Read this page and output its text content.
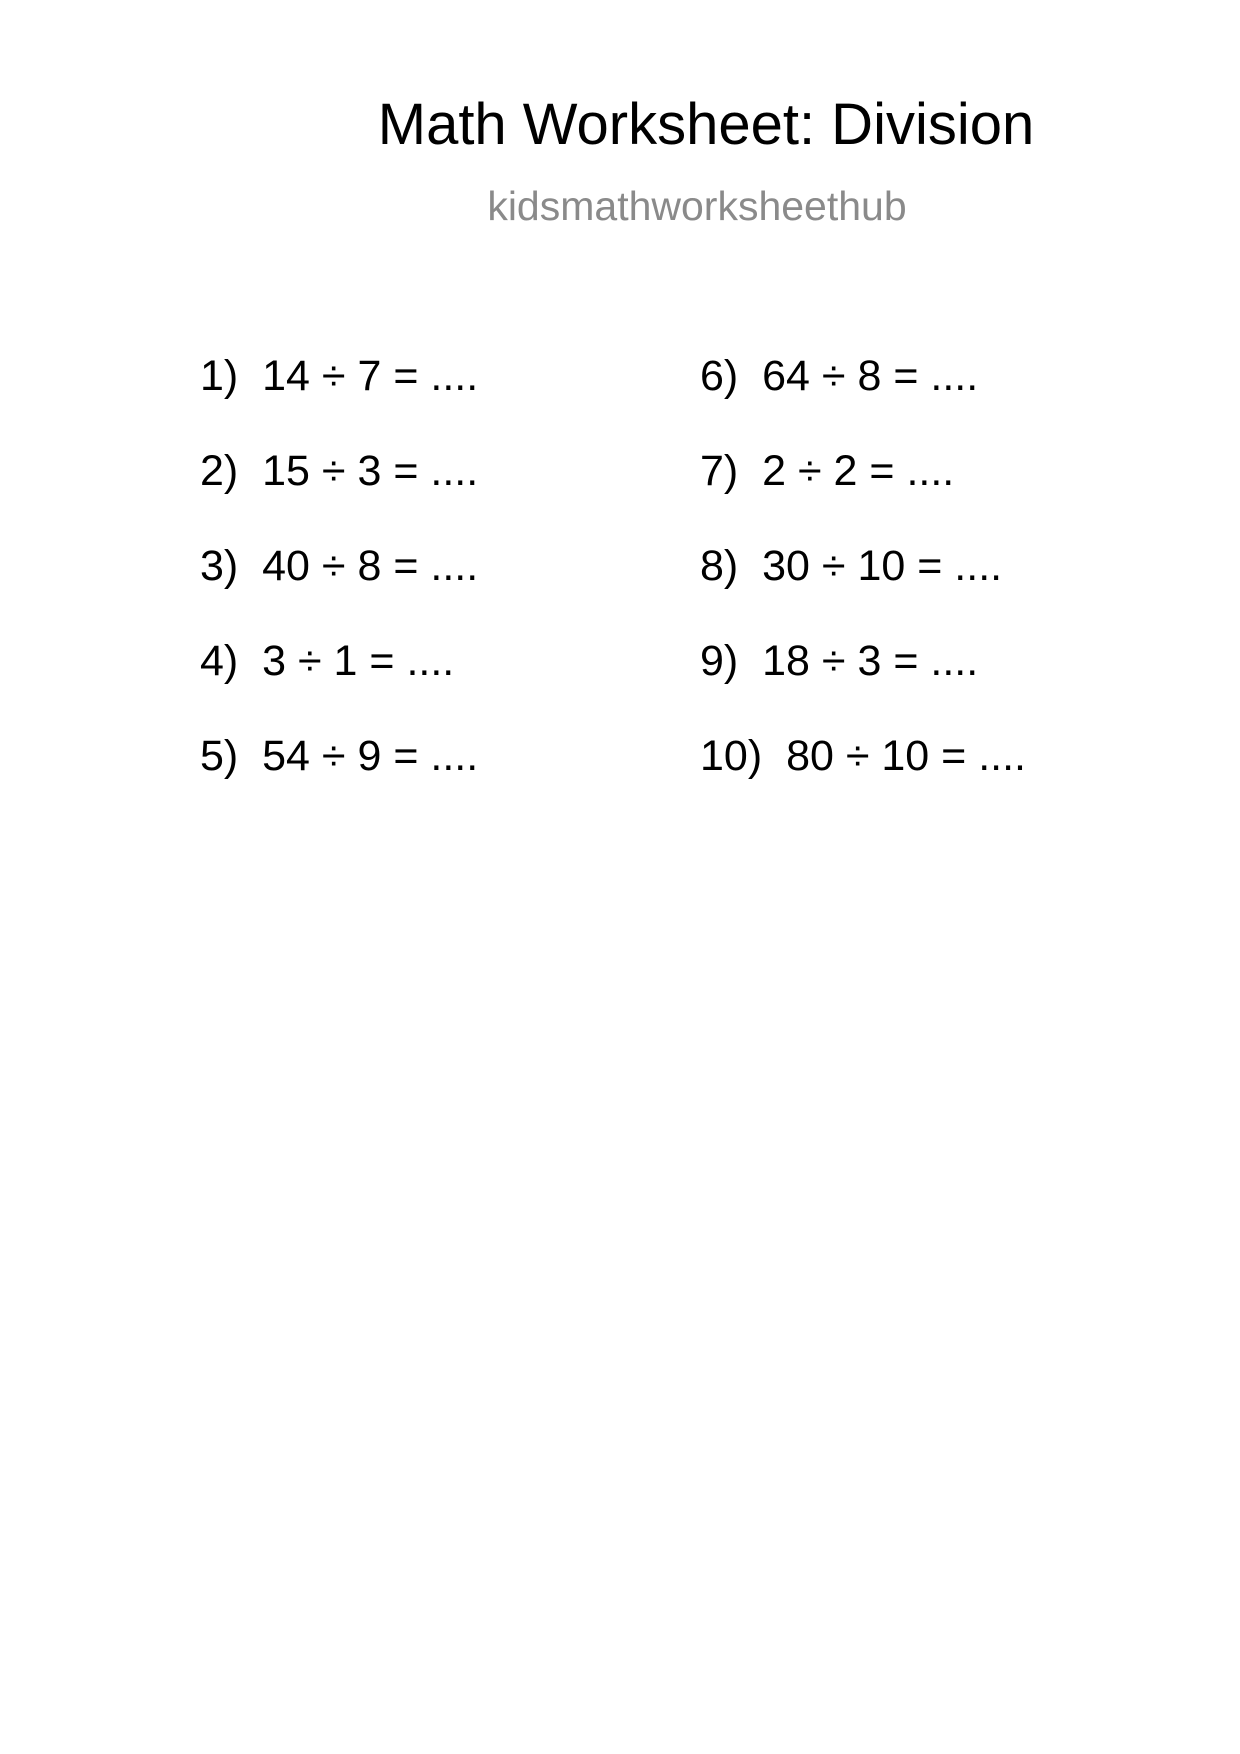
Math Worksheet: Division
kidsmathworksheethub
1) 14 ÷ 7 = ....
2) 15 ÷ 3 = ....
3) 40 ÷ 8 = ....
4) 3 ÷ 1 = ....
5) 54 ÷ 9 = ....
6) 64 ÷ 8 = ....
7) 2 ÷ 2 = ....
8) 30 ÷ 10 = ....
9) 18 ÷ 3 = ....
10) 80 ÷ 10 = ....
